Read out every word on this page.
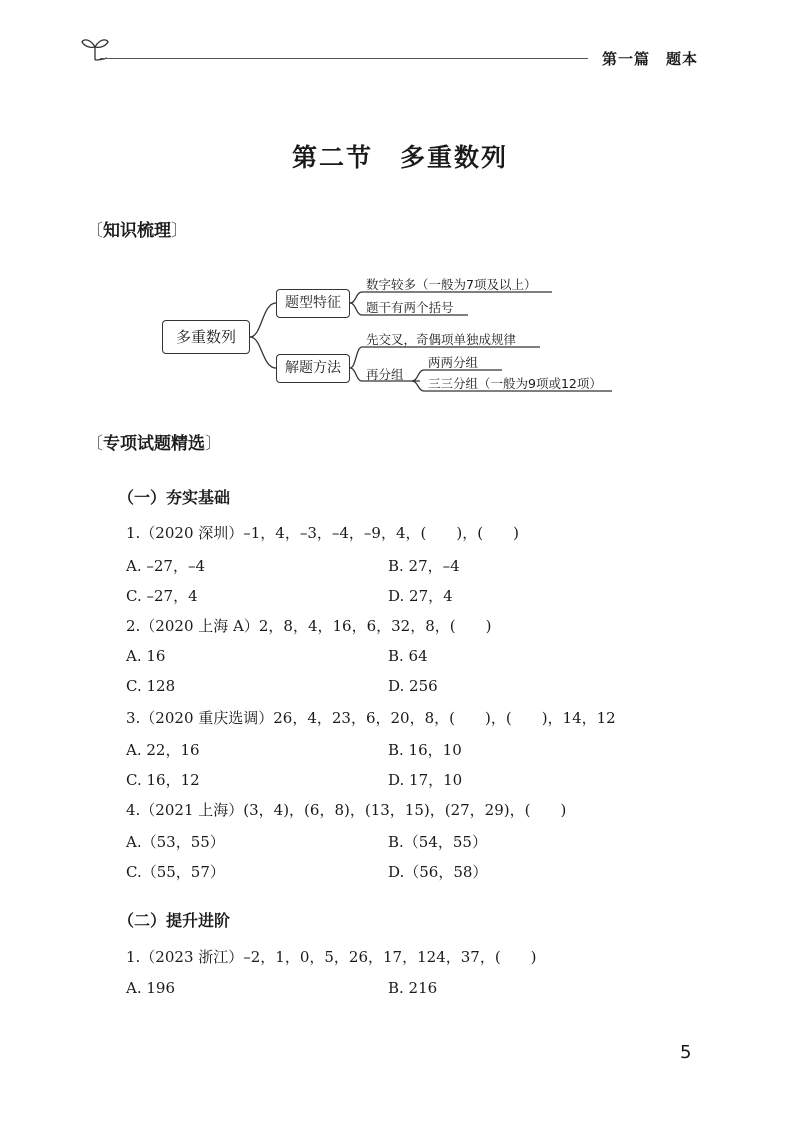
第一篇　题本
第二节　多重数列
〔知识梳理〕
多重数列
题型特征
解题方法
数字较多（一般为7项及以上）
题干有两个括号
先交叉，奇偶项单独成规律
再分组
两两分组
三三分组（一般为9项或12项）
〔专项试题精选〕
（一）夯实基础
1.（2020 深圳）–1，4，–3，–4，–9，4，(　　)，(　　)
A. –27，–4	B. 27，–4
C. –27，4	D. 27，4
2.（2020 上海 A）2，8，4，16，6，32，8，(　　)
A. 16	B. 64
C. 128	D. 256
3.（2020 重庆选调）26，4，23，6，20，8，(　　)，(　　)，14，12
A. 22，16	B. 16，10
C. 16，12	D. 17，10
4.（2021 上海）(3，4)，(6，8)，(13，15)，(27，29)，(　　)
A.（53，55）	B.（54，55）
C.（55，57）	D.（56，58）
（二）提升进阶
1.（2023 浙江）–2，1，0，5，26，17，124，37，(　　)
A. 196	B. 216
5
